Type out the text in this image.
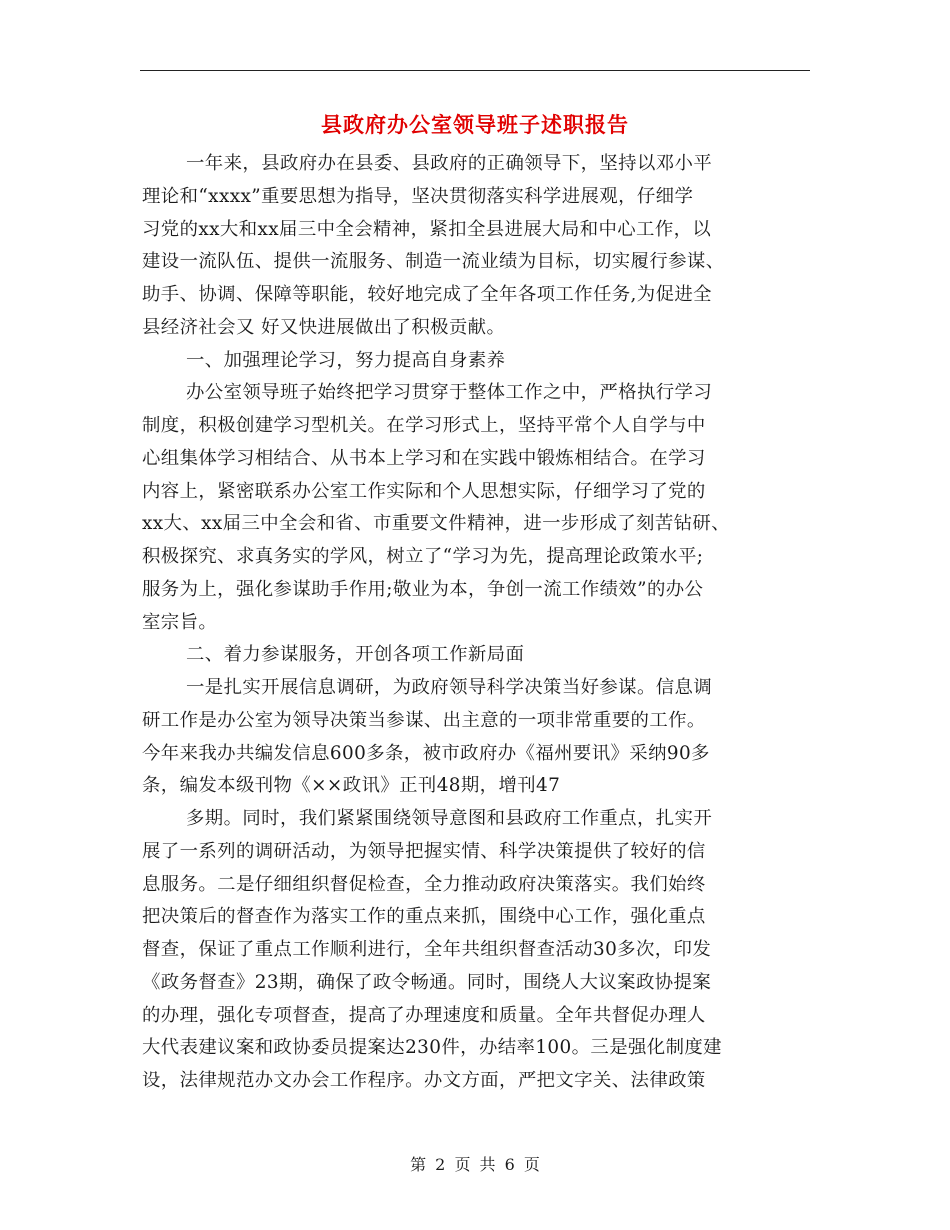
县政府办公室领导班子述职报告
一年来，县政府办在县委、县政府的正确领导下，坚持以邓小平
理论和“xxxx”重要思想为指导，坚决贯彻落实科学进展观，仔细学
习党的xx大和xx届三中全会精神，紧扣全县进展大局和中心工作，以
建设一流队伍、提供一流服务、制造一流业绩为目标，切实履行参谋、
助手、协调、保障等职能，较好地完成了全年各项工作任务,为促进全
县经济社会又 好又快进展做出了积极贡献。
一、加强理论学习，努力提高自身素养
办公室领导班子始终把学习贯穿于整体工作之中，严格执行学习
制度，积极创建学习型机关。在学习形式上，坚持平常个人自学与中
心组集体学习相结合、从书本上学习和在实践中锻炼相结合。在学习
内容上，紧密联系办公室工作实际和个人思想实际，仔细学习了党的
xx大、xx届三中全会和省、市重要文件精神，进一步形成了刻苦钻研、
积极探究、求真务实的学风，树立了“学习为先，提高理论政策水平;
服务为上，强化参谋助手作用;敬业为本，争创一流工作绩效”的办公
室宗旨。
二、着力参谋服务，开创各项工作新局面
一是扎实开展信息调研，为政府领导科学决策当好参谋。信息调
研工作是办公室为领导决策当参谋、出主意的一项非常重要的工作。
今年来我办共编发信息600多条，被市政府办《福州要讯》采纳90多
条，编发本级刊物《××政讯》正刊48期，增刊47
多期。同时，我们紧紧围绕领导意图和县政府工作重点，扎实开
展了一系列的调研活动，为领导把握实情、科学决策提供了较好的信
息服务。二是仔细组织督促检查，全力推动政府决策落实。我们始终
把决策后的督查作为落实工作的重点来抓，围绕中心工作，强化重点
督查，保证了重点工作顺利进行，全年共组织督查活动30多次，印发
《政务督查》23期，确保了政令畅通。同时，围绕人大议案政协提案
的办理，强化专项督查，提高了办理速度和质量。全年共督促办理人
大代表建议案和政协委员提案达230件，办结率100。三是强化制度建
设，法律规范办文办会工作程序。办文方面，严把文字关、法律政策
第 2 页 共 6 页
